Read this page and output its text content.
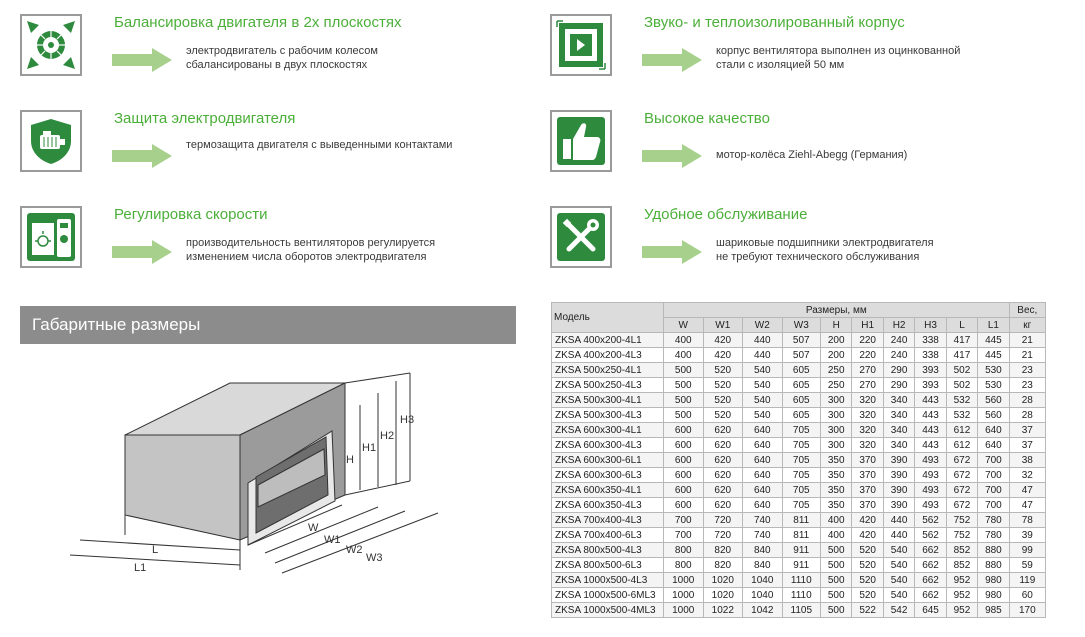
Балансировка двигателя в 2х плоскостях
электродвигатель с рабочим колесом
сбалансированы в двух плоскостях
Защита электродвигателя
термозащита двигателя с выведенными контактами
Регулировка скорости
производительность вентиляторов регулируется
изменением числа оборотов электродвигателя
Звуко- и теплоизолированный корпус
корпус вентилятора выполнен из оцинкованной
стали с изоляцией 50 мм
Высокое качество
мотор-колёса Ziehl-Abegg (Германия)
Удобное обслуживание
шариковые подшипники электродвигателя
не требуют технического обслуживания
Габаритные размеры
H3
H2
H1
H
W
W1
W2
W3
L
L1
Модель	Размеры, мм										Вес,
	W	W1	W2	W3	H	H1	H2	H3	L	L1	кг
ZKSA 400x200-4L1	400	420	440	507	200	220	240	338	417	445	21
ZKSA 400x200-4L3	400	420	440	507	200	220	240	338	417	445	21
ZKSA 500x250-4L1	500	520	540	605	250	270	290	393	502	530	23
ZKSA 500x250-4L3	500	520	540	605	250	270	290	393	502	530	23
ZKSA 500x300-4L1	500	520	540	605	300	320	340	443	532	560	28
ZKSA 500x300-4L3	500	520	540	605	300	320	340	443	532	560	28
ZKSA 600x300-4L1	600	620	640	705	300	320	340	443	612	640	37
ZKSA 600x300-4L3	600	620	640	705	300	320	340	443	612	640	37
ZKSA 600x300-6L1	600	620	640	705	350	370	390	493	672	700	38
ZKSA 600x300-6L3	600	620	640	705	350	370	390	493	672	700	32
ZKSA 600x350-4L1	600	620	640	705	350	370	390	493	672	700	47
ZKSA 600x350-4L3	600	620	640	705	350	370	390	493	672	700	47
ZKSA 700x400-4L3	700	720	740	811	400	420	440	562	752	780	78
ZKSA 700x400-6L3	700	720	740	811	400	420	440	562	752	780	39
ZKSA 800x500-4L3	800	820	840	911	500	520	540	662	852	880	99
ZKSA 800x500-6L3	800	820	840	911	500	520	540	662	852	880	59
ZKSA 1000x500-4L3	1000	1020	1040	1110	500	520	540	662	952	980	119
ZKSA 1000x500-6ML3	1000	1020	1040	1110	500	520	540	662	952	980	60
ZKSA 1000x500-4ML3	1000	1022	1042	1105	500	522	542	645	952	985	170
